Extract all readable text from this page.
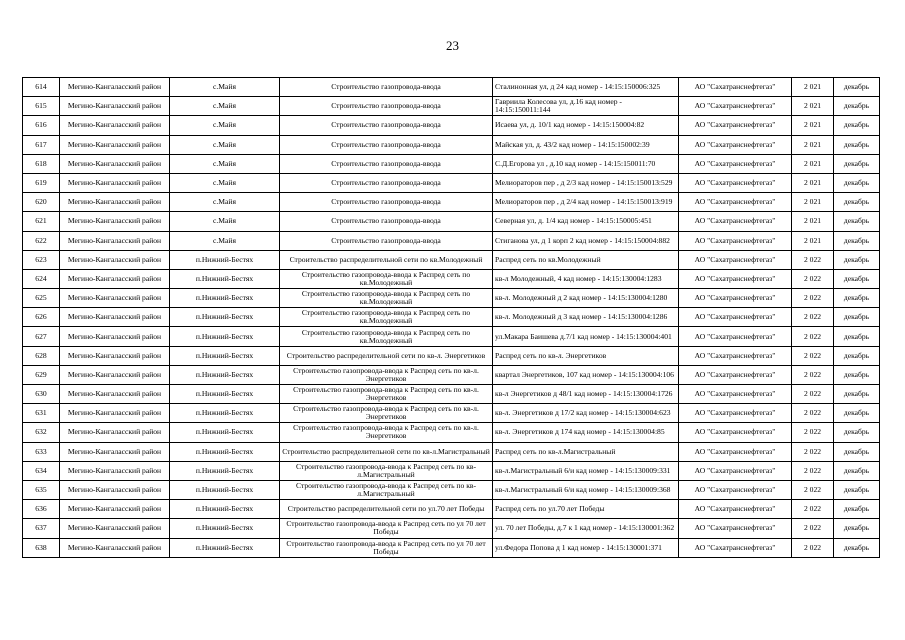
23
614	Мегино-Кангаласский район	с.Майя	Строительство газопровода-ввода	Сталинонная ул, д 24 кад номер - 14:15:150006:325	АО "Сахатранснефтегаз"	2 021	декабрь
615	Мегино-Кангаласский район	с.Майя	Строительство газопровода-ввода	Гавриила Колесова ул, д.16 кад номер - 14:15:150011:144	АО "Сахатранснефтегаз"	2 021	декабрь
616	Мегино-Кангаласский район	с.Майя	Строительство газопровода-ввода	Исаева ул, д. 10/1 кад номер - 14:15:150004:82	АО "Сахатранснефтегаз"	2 021	декабрь
617	Мегино-Кангаласский район	с.Майя	Строительство газопровода-ввода	Майская ул, д. 43/2 кад номер - 14:15:150002:39	АО "Сахатранснефтегаз"	2 021	декабрь
618	Мегино-Кангаласский район	с.Майя	Строительство газопровода-ввода	С.Д.Егорова ул , д.10 кад номер - 14:15:150011:70	АО "Сахатранснефтегаз"	2 021	декабрь
619	Мегино-Кангаласский район	с.Майя	Строительство газопровода-ввода	Мелиораторов пер , д 2/3 кад номер - 14:15:150013:529	АО "Сахатранснефтегаз"	2 021	декабрь
620	Мегино-Кангаласский район	с.Майя	Строительство газопровода-ввода	Мелиораторов пер , д 2/4 кад номер - 14:15:150013:919	АО "Сахатранснефтегаз"	2 021	декабрь
621	Мегино-Кангаласский район	с.Майя	Строительство газопровода-ввода	Северная ул, д. 1/4 кад номер - 14:15:150005:451	АО "Сахатранснефтегаз"	2 021	декабрь
622	Мегино-Кангаласский район	с.Майя	Строительство газопровода-ввода	Стиганова ул, д 1 корп 2 кад номер - 14:15:150004:882	АО "Сахатранснефтегаз"	2 021	декабрь
623	Мегино-Кангаласский район	п.Нижний-Бестях	Строительство распределительной сети по кв.Молодежный	Распред сеть по кв.Молодежный	АО "Сахатранснефтегаз"	2 022	декабрь
624	Мегино-Кангаласский район	п.Нижний-Бестях	Строительство газопровода-ввода к Распред сеть по кв.Молодежный	кв-л Молодежный, 4 кад номер - 14:15:130004:1283	АО "Сахатранснефтегаз"	2 022	декабрь
625	Мегино-Кангаласский район	п.Нижний-Бестях	Строительство газопровода-ввода к Распред сеть по кв.Молодежный	кв-л. Молодежный д 2 кад номер - 14:15:130004:1280	АО "Сахатранснефтегаз"	2 022	декабрь
626	Мегино-Кангаласский район	п.Нижний-Бестях	Строительство газопровода-ввода к Распред сеть по кв.Молодежный	кв-л. Молодежный д 3 кад номер - 14:15:130004:1286	АО "Сахатранснефтегаз"	2 022	декабрь
627	Мегино-Кангаласский район	п.Нижний-Бестях	Строительство газопровода-ввода к Распред сеть по кв.Молодежный	ул.Макара Баишева д.7/1 кад номер - 14:15:130004:401	АО "Сахатранснефтегаз"	2 022	декабрь
628	Мегино-Кангаласский район	п.Нижний-Бестях	Строительство распределительной сети по кв-л. Энергетиков	Распред сеть по кв-л. Энергетиков	АО "Сахатранснефтегаз"	2 022	декабрь
629	Мегино-Кангаласский район	п.Нижний-Бестях	Строительство газопровода-ввода к Распред сеть по кв-л. Энергетиков	квартал Энергетиков, 107 кад номер - 14:15:130004:106	АО "Сахатранснефтегаз"	2 022	декабрь
630	Мегино-Кангаласский район	п.Нижний-Бестях	Строительство газопровода-ввода к Распред сеть по кв-л. Энергетиков	кв-л Энергетиков д 48/1 кад номер - 14:15:130004:1726	АО "Сахатранснефтегаз"	2 022	декабрь
631	Мегино-Кангаласский район	п.Нижний-Бестях	Строительство газопровода-ввода к Распред сеть по кв-л. Энергетиков	кв-л. Энергетиков д 17/2 кад номер - 14:15:130004:623	АО "Сахатранснефтегаз"	2 022	декабрь
632	Мегино-Кангаласский район	п.Нижний-Бестях	Строительство газопровода-ввода к Распред сеть по кв-л. Энергетиков	кв-л. Энергетиков д 174 кад номер - 14:15:130004:85	АО "Сахатранснефтегаз"	2 022	декабрь
633	Мегино-Кангаласский район	п.Нижний-Бестях	Строительство распределительной сети по кв-л.Магистральный	Распред сеть по кв-л.Магистральный	АО "Сахатранснефтегаз"	2 022	декабрь
634	Мегино-Кангаласский район	п.Нижний-Бестях	Строительство газопровода-ввода к Распред сеть по кв-л.Магистральный	кв-л.Магистральный 6/и кад номер - 14:15:130009:331	АО "Сахатранснефтегаз"	2 022	декабрь
635	Мегино-Кангаласский район	п.Нижний-Бестях	Строительство газопровода-ввода к Распред сеть по кв-л.Магистральный	кв-л.Магистральный 6/и кад номер - 14:15:130009:368	АО "Сахатранснефтегаз"	2 022	декабрь
636	Мегино-Кангаласский район	п.Нижний-Бестях	Строительство распределительной сети по ул.70 лет Победы	Распред сеть по ул.70 лет Победы	АО "Сахатранснефтегаз"	2 022	декабрь
637	Мегино-Кангаласский район	п.Нижний-Бестях	Строительство газопровода-ввода к Распред сеть по ул 70 лет Победы	ул. 70 лет Победы, д.7 к 1 кад номер - 14:15:130001:362	АО "Сахатранснефтегаз"	2 022	декабрь
638	Мегино-Кангаласский район	п.Нижний-Бестях	Строительство газопровода-ввода к Распред сеть по ул 70 лет Победы	ул.Федора Попова д 1 кад номер - 14:15:130001:371	АО "Сахатранснефтегаз"	2 022	декабрь
